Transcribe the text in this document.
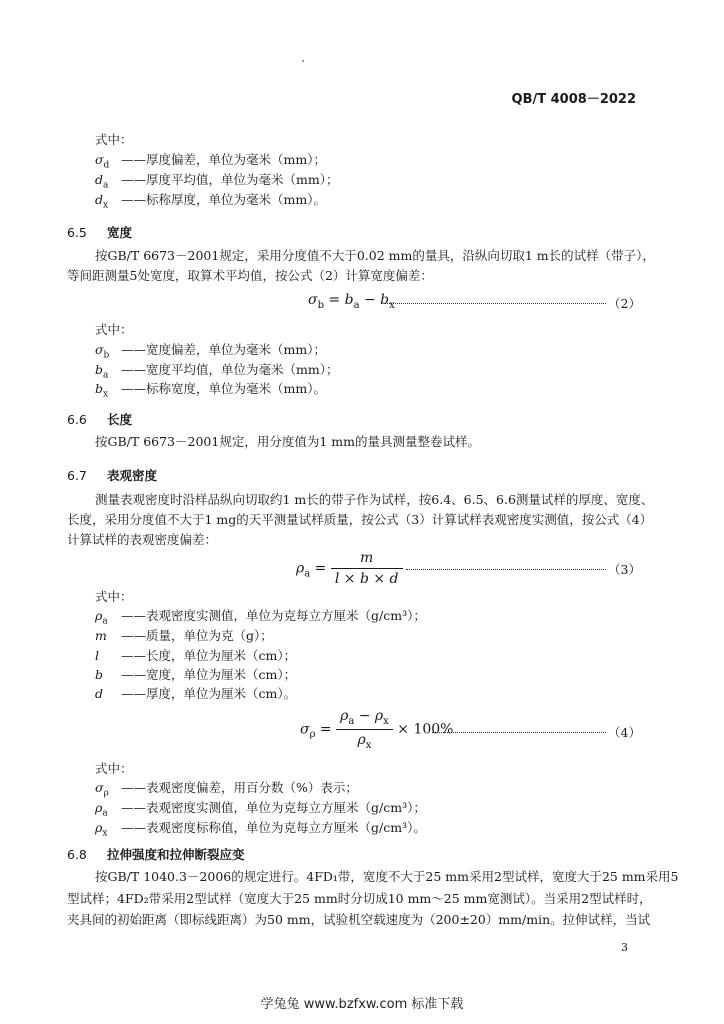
QB/T 4008－2022
式中：
$\sigma_d$ ——厚度偏差，单位为毫米（mm）；
$d_a$ ——厚度平均值，单位为毫米（mm）；
$d_x$ ——标称厚度，单位为毫米（mm）。
6.5 宽度
按GB/T 6673－2001规定，采用分度值不大于0.02 mm的量具，沿纵向切取1 m长的试样（带子），
等间距测量5处宽度，取算术平均值，按公式（2）计算宽度偏差：
$\sigma_b = b_a - b_x$	（2）
式中：
$\sigma_b$ ——宽度偏差，单位为毫米（mm）；
$b_a$ ——宽度平均值，单位为毫米（mm）；
$b_x$ ——标称宽度，单位为毫米（mm）。
6.6 长度
按GB/T 6673－2001规定，用分度值为1 mm的量具测量整卷试样。
6.7 表观密度
测量表观密度时沿样品纵向切取约1 m长的带子作为试样，按6.4、6.5、6.6测量试样的厚度、宽度、
长度，采用分度值不大于1 mg的天平测量试样质量，按公式（3）计算试样表观密度实测值，按公式（4）
计算试样的表观密度偏差：
$\rho_a = \frac{m}{l \times b \times d}$	（3）
式中：
$\rho_a$ ——表观密度实测值，单位为克每立方厘米（g/cm³）；
m ——质量，单位为克（g）；
l ——长度，单位为厘米（cm）；
b ——宽度，单位为厘米（cm）；
d ——厚度，单位为厘米（cm）。
$\sigma_\rho = \frac{\rho_a - \rho_x}{\rho_x} \times 100\%$	（4）
式中：
$\sigma_\rho$ ——表观密度偏差，用百分数（%）表示；
$\rho_a$ ——表观密度实测值，单位为克每立方厘米（g/cm³）；
$\rho_x$ ——表观密度标称值，单位为克每立方厘米（g/cm³）。
6.8 拉伸强度和拉伸断裂应变
按GB/T 1040.3－2006的规定进行。4FD₁带，宽度不大于25 mm采用2型试样，宽度大于25 mm采用5
型试样；4FD₂带采用2型试样（宽度大于25 mm时分切成10 mm～25 mm宽测试）。当采用2型试样时，
夹具间的初始距离（即标线距离）为50 mm，试验机空载速度为（200±20）mm/min。拉伸试样，当试
3
学兔兔 www.bzfxw.com 标准下载
